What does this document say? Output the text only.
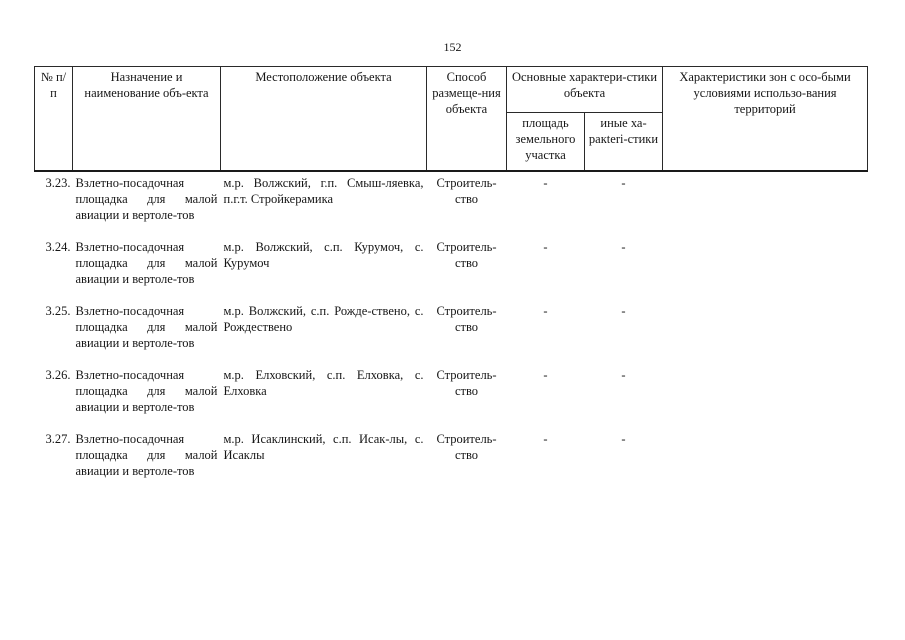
152
№ п/п	Назначение и наименование объ-екта	Местоположение объекта	Способ размеще-ния объекта	Основные характери-стики объекта		Характеристики зон с осо-быми условиями использо-вания территорий
				площадь земельного участка	иные ха-ракteri-стики	
3.23.	Взлетно-посадочная площадка для малой авиации и вертоле-тов	м.р. Волжский, г.п. Смыш-ляевка, п.г.т. Стройкерамика	Строитель-ство	-	-	
3.24.	Взлетно-посадочная площадка для малой авиации и вертоле-тов	м.р. Волжский, с.п. Курумоч, с. Курумоч	Строитель-ство	-	-	
3.25.	Взлетно-посадочная площадка для малой авиации и вертоле-тов	м.р. Волжский, с.п. Рожде-ствено, с. Рождествено	Строитель-ство	-	-	
3.26.	Взлетно-посадочная площадка для малой авиации и вертоле-тов	м.р. Елховский, с.п. Елховка, с. Елховка	Строитель-ство	-	-	
3.27.	Взлетно-посадочная площадка для малой авиации и вертоле-тов	м.р. Исаклинский, с.п. Исак-лы, с. Исаклы	Строитель-ство	-	-	
